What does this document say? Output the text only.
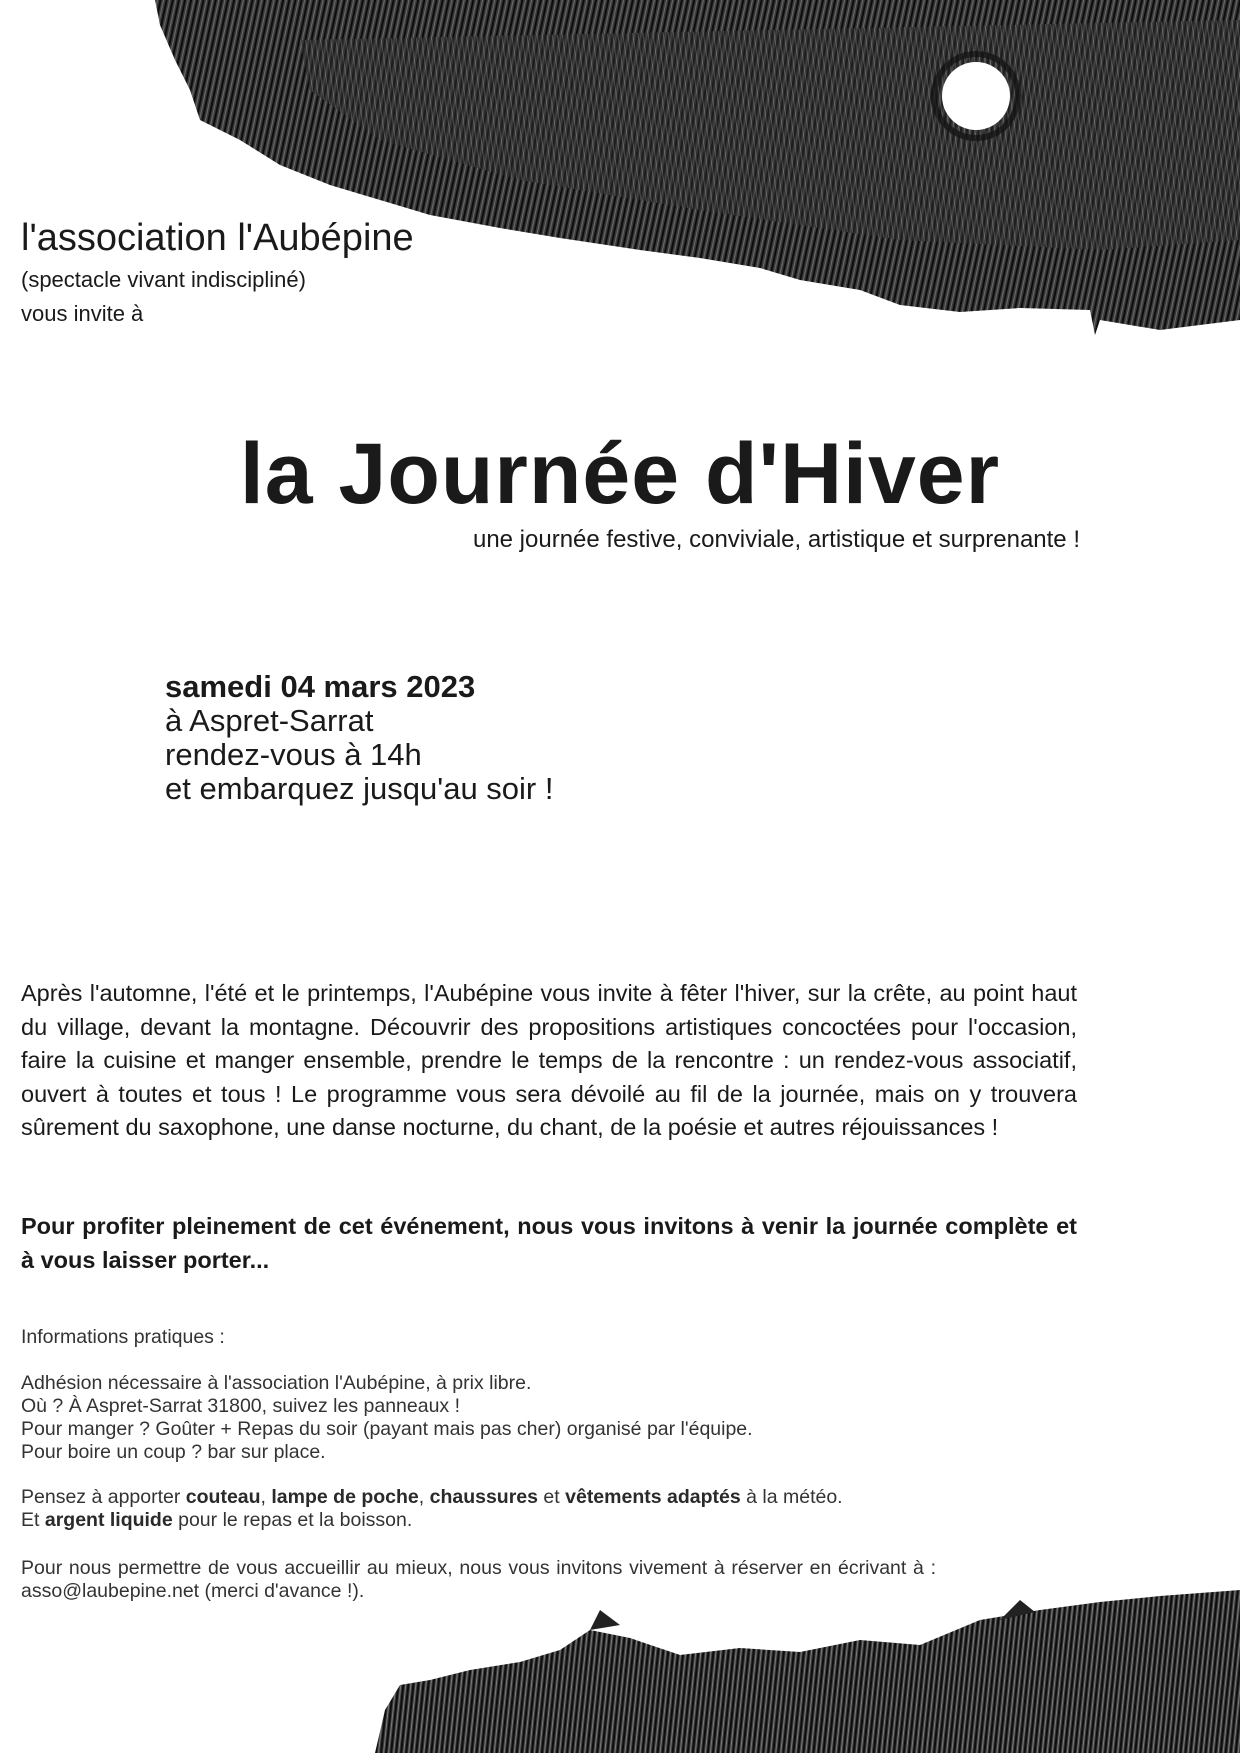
l'association l'Aubépine
(spectacle vivant indiscipliné)
vous invite à
la Journée d'Hiver
une journée festive, conviviale, artistique et surprenante !
samedi 04 mars 2023
à Aspret-Sarrat
rendez-vous à 14h
et embarquez jusqu'au soir !
Après l'automne, l'été et le printemps, l'Aubépine vous invite à fêter l'hiver, sur la crête, au point haut du village, devant la montagne. Découvrir des propositions artistiques concoctées pour l'occasion, faire la cuisine et manger ensemble, prendre le temps de la rencontre : un rendez-vous associatif, ouvert à toutes et tous ! Le programme vous sera dévoilé au fil de la journée, mais on y trouvera sûrement du saxophone, une danse nocturne, du chant, de la poésie et autres réjouissances !
Pour profiter pleinement de cet événement, nous vous invitons à venir la journée complète et à vous laisser porter...
Informations pratiques :
Adhésion nécessaire à l'association l'Aubépine, à prix libre.
Où ? À Aspret-Sarrat 31800, suivez les panneaux !
Pour manger ? Goûter + Repas du soir (payant mais pas cher) organisé par l'équipe.
Pour boire un coup ? bar sur place.
Pensez à apporter couteau, lampe de poche, chaussures et vêtements adaptés à la météo.
Et argent liquide pour le repas et la boisson.
Pour nous permettre de vous accueillir au mieux, nous vous invitons vivement à réserver en écrivant à : asso@laubepine.net (merci d'avance !).
